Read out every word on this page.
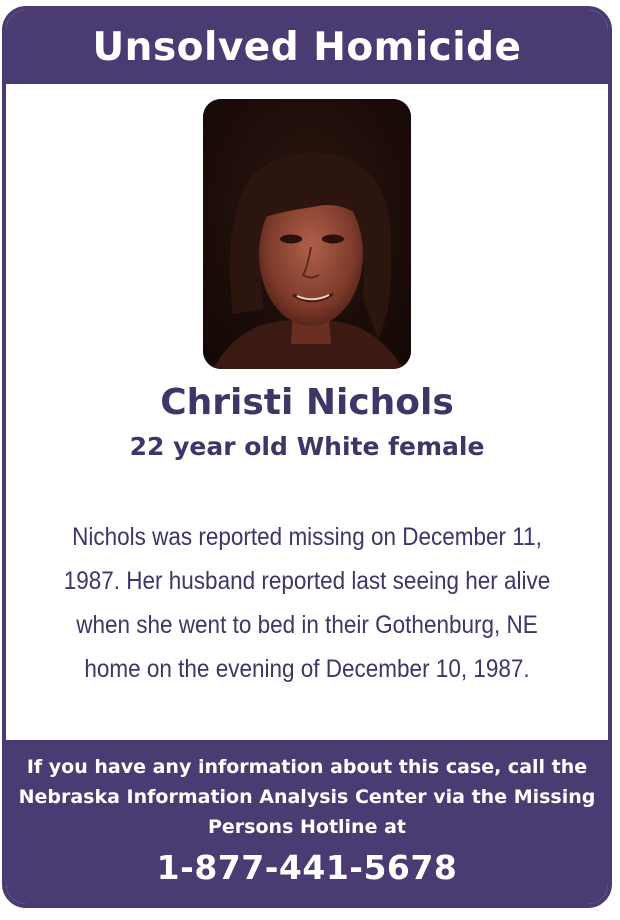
Unsolved Homicide
Christi Nichols
22 year old White female

Nichols was reported missing on December 11, 1987. Her husband reported last seeing her alive when she went to bed in their Gothenburg, NE home on the evening of December 10, 1987.

If you have any information about this case, call the Nebraska Information Analysis Center via the Missing Persons Hotline at
1-877-441-5678
